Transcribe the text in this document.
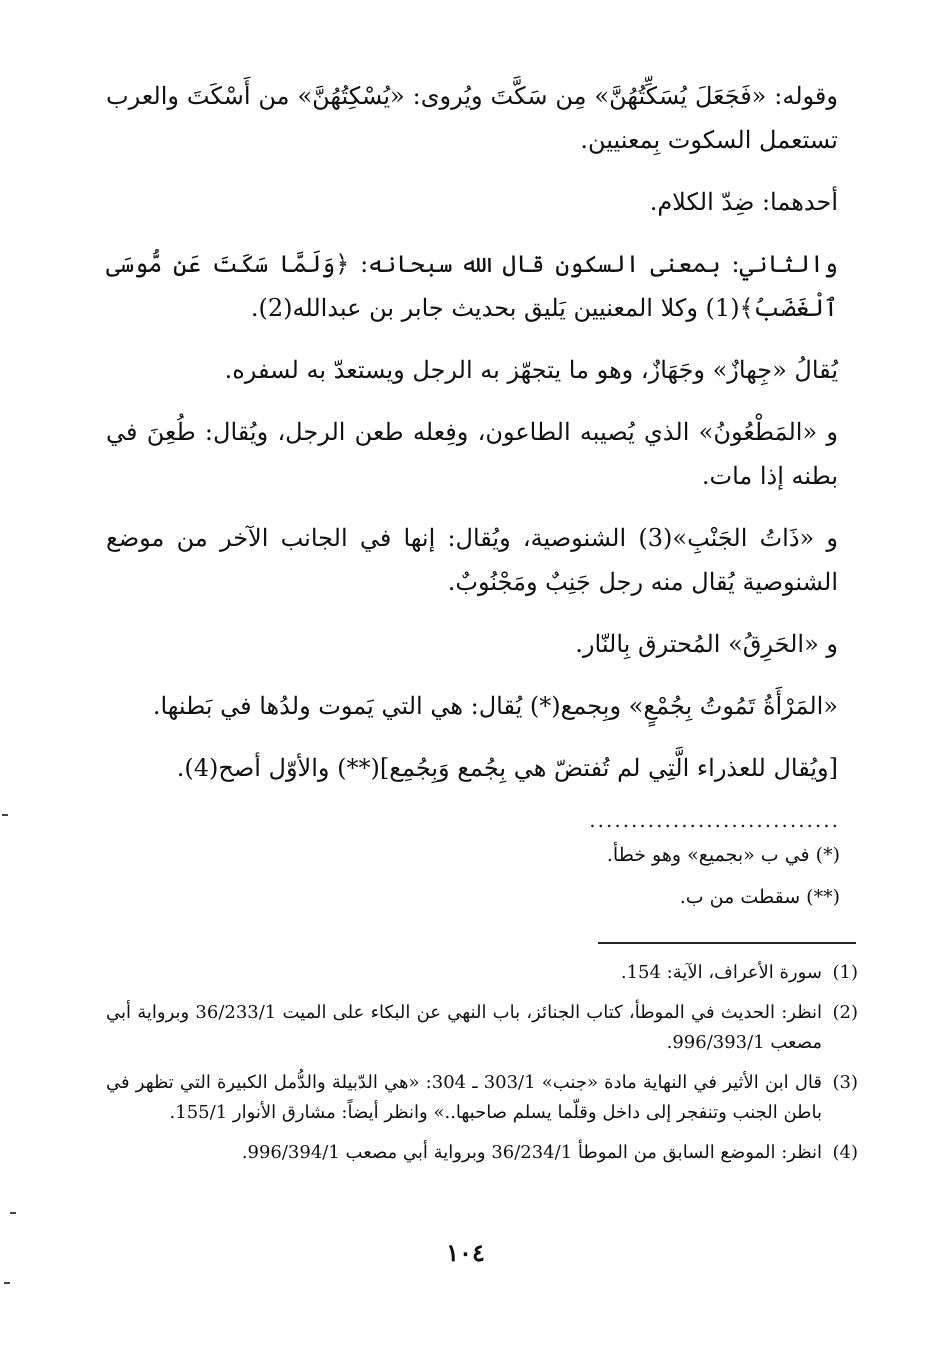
وقوله: «فَجَعَلَ يُسَكِّتُهُنَّ» مِن سَكَّتَ ويُروى: «يُسْكِتُهُنَّ» من أَسْكَتَ والعرب تستعمل السكوت بِمعنيين.

أحدهما: ضِدّ الكلام.

والثاني: بمعنى السكون قال الله سبحانه: ﴿وَلَمَّا سَكَتَ عَن مُّوسَى ٱلْغَضَبُ﴾(1) وكلا المعنيين يَليق بحديث جابر بن عبدالله(2).

يُقالُ «جِهازٌ» وجَهَازٌ، وهو ما يتجهّز به الرجل ويستعدّ به لسفره.

و «المَطْعُونُ» الذي يُصيبه الطاعون، وفِعله طعن الرجل، ويُقال: طُعِنَ في بطنه إذا مات.

و «ذَاتُ الجَنْبِ»(3) الشنوصية، ويُقال: إنها في الجانب الآخر من موضع الشنوصية يُقال منه رجل جَنِبٌ ومَجْنُوبٌ.

و «الحَرِقُ» المُحترق بِالنّار.

«المَرْأَةُ تَمُوتُ بِجُمْعٍ» وبِجمع(*) يُقال: هي التي يَموت ولدُها في بَطنها.

[ويُقال للعذراء الَّتِي لم تُفتضّ هي بِجُمع وَبِجُمِع](**) والأوّل أصح(4).

..............................
(*) في ب «بجميع» وهو خطأ.
(**) سقطت من ب.
(1)
سورة الأعراف، الآية: 154.
(2)
انظر: الحديث في الموطأ، كتاب الجنائز، باب النهي عن البكاء على الميت 36/233/1 وبرواية أبي مصعب 996/393/1.
(3)
قال ابن الأثير في النهاية مادة «جنب» 303/1 ـ 304: «هي الدّبيلة والدُّمل الكبيرة التي تظهر في باطن الجنب وتنفجر إلى داخل وقلّما يسلم صاحبها..» وانظر أيضاً: مشارق الأنوار 155/1.
(4)
انظر: الموضع السابق من الموطأ 36/234/1 وبرواية أبي مصعب 996/394/1.
١٠٤
